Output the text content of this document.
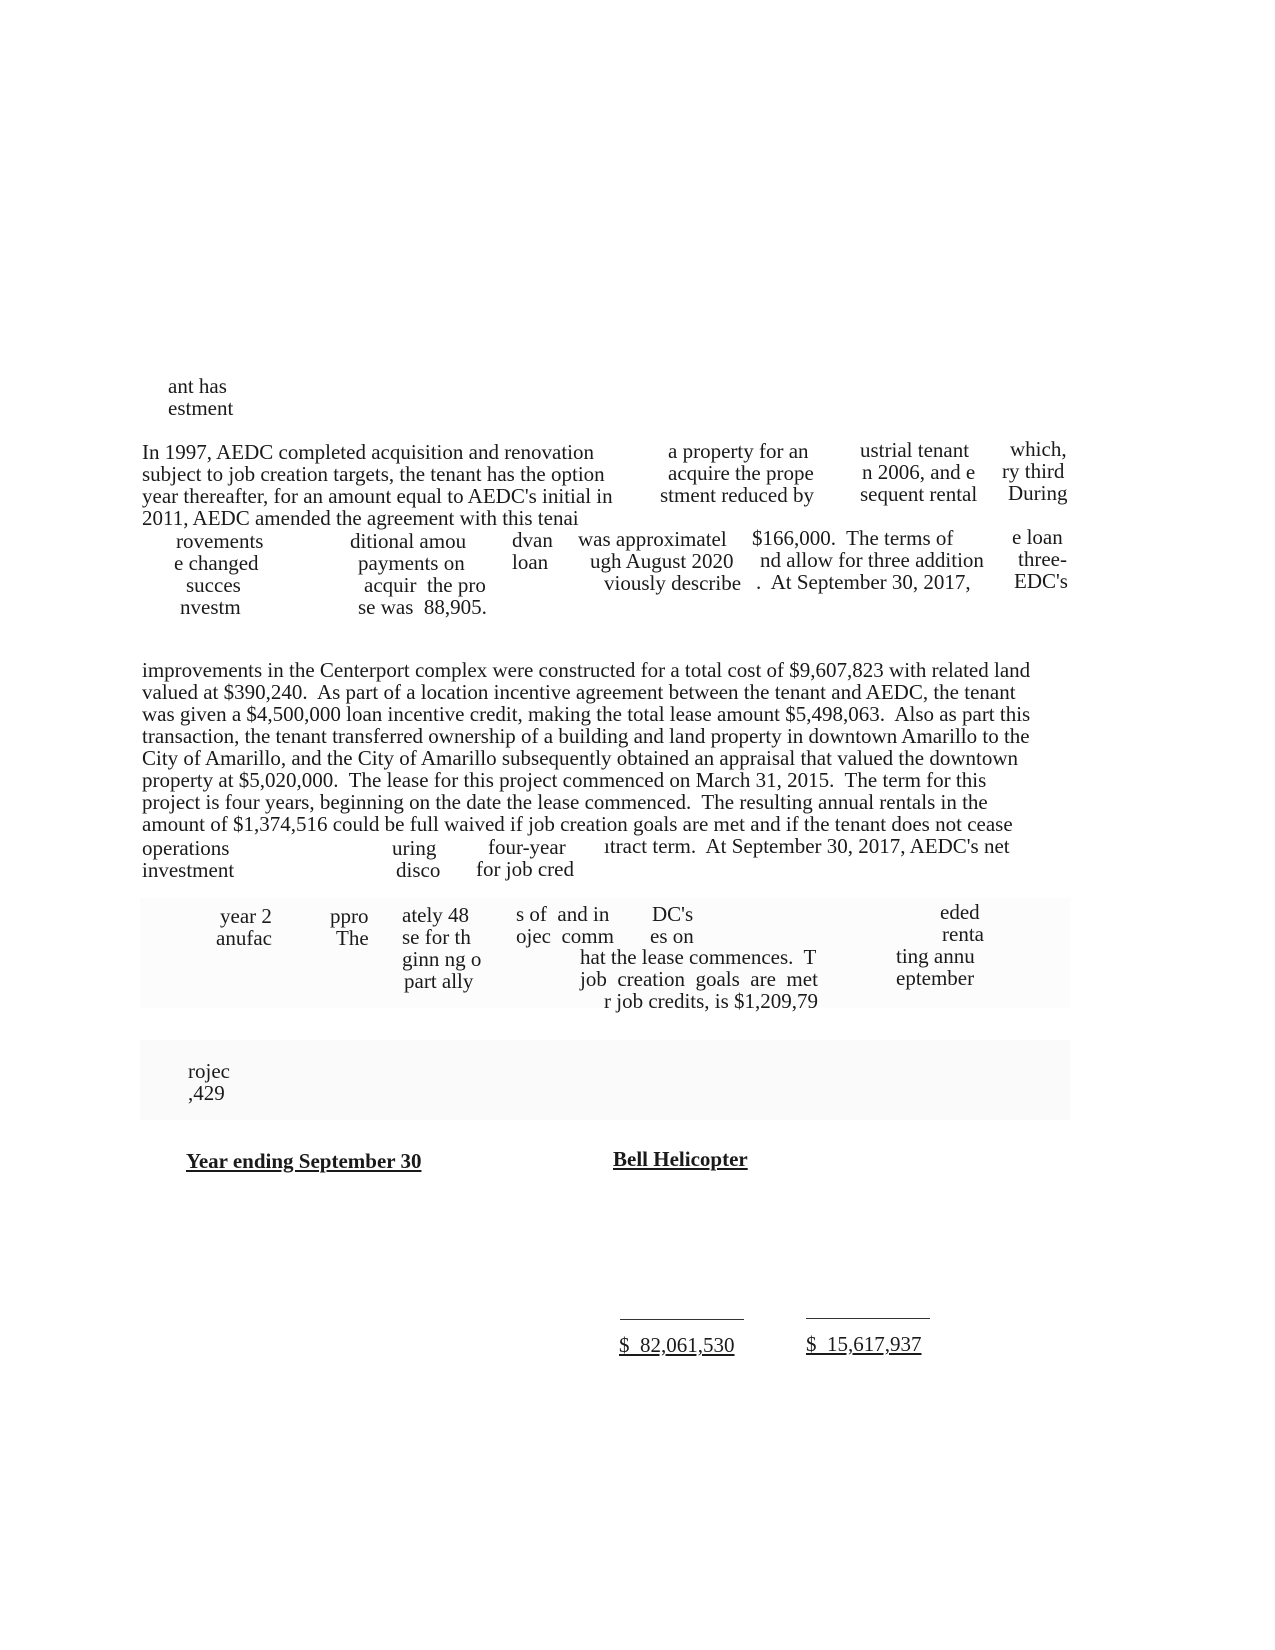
ant has
estment
In 1997, AEDC completed acquisition and renovation	a property for an ustrial tenant which,
subject to job creation targets, the tenant has the option	acquire the prope n 2006, and e ry third
year thereafter, for an amount equal to AEDC's initial in stment reduced by sequent rental During
2011, AEDC amended the agreement with this tenai
rovements	ditional amou dvan was approximatel $166,000.  The terms of	e loan
e changed	payments on loan ugh August 2020 nd allow for three addition three-
succes	acquir  the pro	viously describe .  At September 30, 2017, EDC's
nvestm	se was  88,905.
improvements in the Centerport complex were constructed for a total cost of $9,607,823 with related land
valued at $390,240.  As part of a location incentive agreement between the tenant and AEDC, the tenant
was given a $4,500,000 loan incentive credit, making the total lease amount $5,498,063.  Also as part this
transaction, the tenant transferred ownership of a building and land property in downtown Amarillo to the
City of Amarillo, and the City of Amarillo subsequently obtained an appraisal that valued the downtown
property at $5,020,000.  The lease for this project commenced on March 31, 2015.  The term for this
project is four years, beginning on the date the lease commenced.  The resulting annual rentals in the
amount of $1,374,516 could be full waived if job creation goals are met and if the tenant does not cease
operations	uring four-year ıtract term.  At September 30, 2017, AEDC's net
investment	disco for job cred
year 2	ppro ately 48 s of  and in DC's	eded
anufac	The se for th ojec  comm es on	renta
ginn ng o	hat the lease commences.  T	ting annu
part ally	job  creation  goals  are  met	eptember
r job credits, is $1,209,79
rojec
,429
Year ending September 30	Bell Helicopter
$  82,061,530	$  15,617,937
